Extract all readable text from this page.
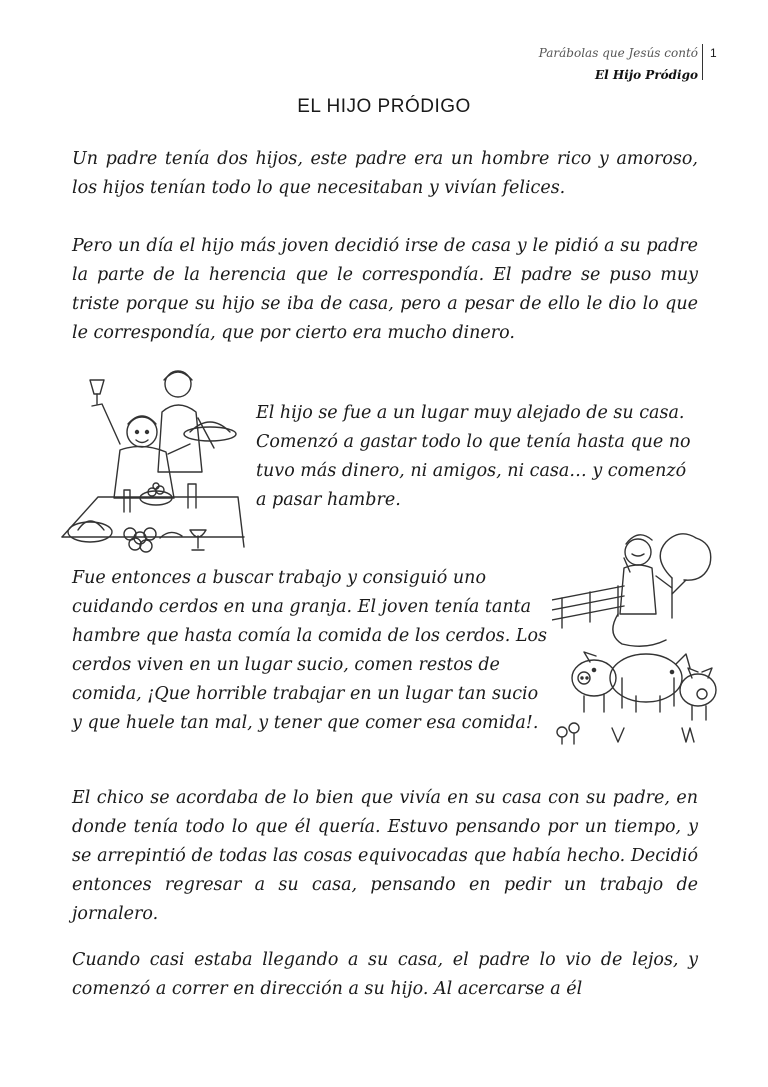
Parábolas que Jesús contó
El Hijo Pródigo
1
EL HIJO PRÓDIGO

Un padre tenía dos hijos, este padre era un hombre rico y amoroso, los hijos tenían todo lo que necesitaban y vivían felices.

Pero un día el hijo más joven decidió irse de casa y le pidió a su padre la parte de la herencia que le correspondía. El padre se puso muy triste porque su hijo se iba de casa, pero a pesar de ello le dio lo que le correspondía, que por cierto era mucho dinero.

El hijo se fue a un lugar muy alejado de su casa. Comenzó a gastar todo lo que tenía hasta que no tuvo más dinero, ni amigos, ni casa… y comenzó a pasar hambre.

Fue entonces a buscar trabajo y consiguió uno cuidando cerdos en una granja. El joven tenía tanta hambre que hasta comía la comida de los cerdos. Los cerdos viven en un lugar sucio, comen restos de comida, ¡Que horrible trabajar en un lugar tan sucio y que huele tan mal, y tener que comer esa comida!.

El chico se acordaba de lo bien que vivía en su casa con su padre, en donde tenía todo lo que él quería. Estuvo pensando por un tiempo, y se arrepintió de todas las cosas equivocadas que había hecho. Decidió entonces regresar a su casa, pensando en pedir un trabajo de jornalero.

Cuando casi estaba llegando a su casa, el padre lo vio de lejos, y comenzó a correr en dirección a su hijo. Al acercarse a él
